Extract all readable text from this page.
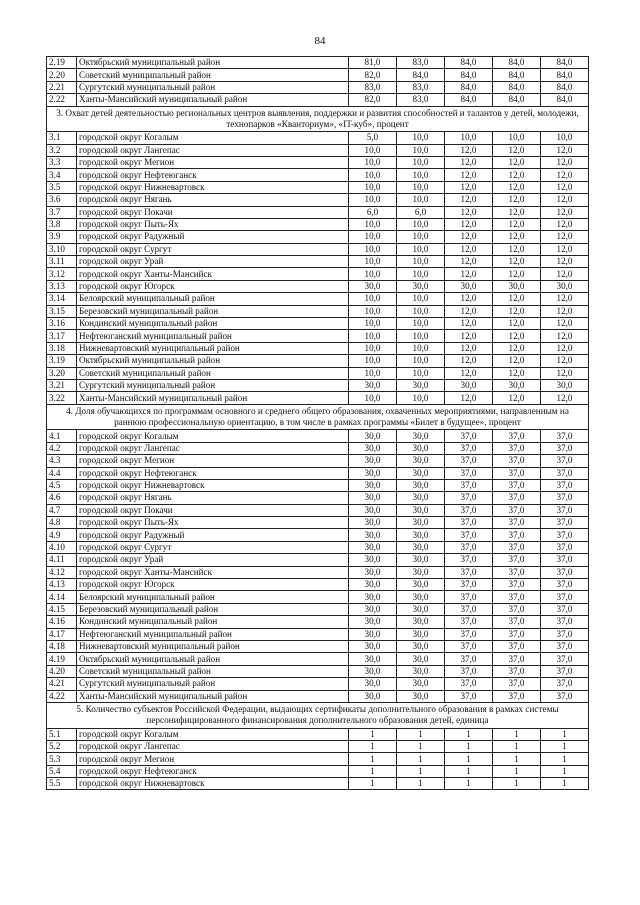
84
2.19	Октябрьский муниципальный район	81,0	83,0	84,0	84,0	84,0
2.20	Советский муниципальный район	82,0	84,0	84,0	84,0	84,0
2.21	Сургутский муниципальный район	83,0	83,0	84,0	84,0	84,0
2.22	Ханты-Мансийский муниципальный район	82,0	83,0	84,0	84,0	84,0
3. Охват детей деятельностью региональных центров выявления, поддержки и развития способностей и талантов у детей, молодежи, технопарков «Кванториум», «IT-куб», процент						
3.1	городской округ Когалым	5,0	10,0	10,0	10,0	10,0
3.2	городской округ Лангепас	10,0	10,0	12,0	12,0	12,0
3.3	городской округ Мегион	10,0	10,0	12,0	12,0	12,0
3.4	городской округ Нефтеюганск	10,0	10,0	12,0	12,0	12,0
3.5	городской округ Нижневартовск	10,0	10,0	12,0	12,0	12,0
3.6	городской округ Нягань	10,0	10,0	12,0	12,0	12,0
3.7	городской округ Покачи	6,0	6,0	12,0	12,0	12,0
3.8	городской округ Пыть-Ях	10,0	10,0	12,0	12,0	12,0
3.9	городской округ Радужный	10,0	10,0	12,0	12,0	12,0
3.10	городской округ Сургут	10,0	10,0	12,0	12,0	12,0
3.11	городской округ Урай	10,0	10,0	12,0	12,0	12,0
3.12	городской округ Ханты-Мансийск	10,0	10,0	12,0	12,0	12,0
3.13	городской округ Югорск	30,0	30,0	30,0	30,0	30,0
3.14	Белоярский муниципальный район	10,0	10,0	12,0	12,0	12,0
3.15	Березовский муниципальный район	10,0	10,0	12,0	12,0	12,0
3.16	Кондинский муниципальный район	10,0	10,0	12,0	12,0	12,0
3.17	Нефтеюганский муниципальный район	10,0	10,0	12,0	12,0	12,0
3.18	Нижневартовский муниципальный район	10,0	10,0	12,0	12,0	12,0
3.19	Октябрьский муниципальный район	10,0	10,0	12,0	12,0	12,0
3.20	Советский муниципальный район	10,0	10,0	12,0	12,0	12,0
3.21	Сургутский муниципальный район	30,0	30,0	30,0	30,0	30,0
3.22	Ханты-Мансийский муниципальный район	10,0	10,0	12,0	12,0	12,0
4. Доля обучающихся по программам основного и среднего общего образования, охваченных мероприятиями, направленным на раннюю профессиональную ориентацию, в том числе в рамках программы «Билет в будущее», процент						
4.1	городской округ Когалым	30,0	30,0	37,0	37,0	37,0
4.2	городской округ Лангепас	30,0	30,0	37,0	37,0	37,0
4.3	городской округ Мегион	30,0	30,0	37,0	37,0	37,0
4.4	городской округ Нефтеюганск	30,0	30,0	37,0	37,0	37,0
4.5	городской округ Нижневартовск	30,0	30,0	37,0	37,0	37,0
4.6	городской округ Нягань	30,0	30,0	37,0	37,0	37,0
4.7	городской округ Покачи	30,0	30,0	37,0	37,0	37,0
4.8	городской округ Пыть-Ях	30,0	30,0	37,0	37,0	37,0
4.9	городской округ Радужный	30,0	30,0	37,0	37,0	37,0
4.10	городской округ Сургут	30,0	30,0	37,0	37,0	37,0
4.11	городской округ Урай	30,0	30,0	37,0	37,0	37,0
4.12	городской округ Ханты-Мансийск	30,0	30,0	37,0	37,0	37,0
4.13	городской округ Югорск	30,0	30,0	37,0	37,0	37,0
4.14	Белоярский муниципальный район	30,0	30,0	37,0	37,0	37,0
4.15	Березовский муниципальный район	30,0	30,0	37,0	37,0	37,0
4.16	Кондинский муниципальный район	30,0	30,0	37,0	37,0	37,0
4.17	Нефтеюганский муниципальный район	30,0	30,0	37,0	37,0	37,0
4.18	Нижневартовский муниципальный район	30,0	30,0	37,0	37,0	37,0
4.19	Октябрьский муниципальный район	30,0	30,0	37,0	37,0	37,0
4.20	Советский муниципальный район	30,0	30,0	37,0	37,0	37,0
4.21	Сургутский муниципальный район	30,0	30,0	37,0	37,0	37,0
4.22	Ханты-Мансийский муниципальный район	30,0	30,0	37,0	37,0	37,0
5. Количество субъектов Российской Федерации, выдающих сертификаты дополнительного образования в рамках системы персонифицированного финансирования дополнительного образования детей, единица						
5.1	городской округ Когалым	1	1	1	1	1
5.2	городской округ Лангепас	1	1	1	1	1
5.3	городской округ Мегион	1	1	1	1	1
5.4	городской округ Нефтеюганск	1	1	1	1	1
5.5	городской округ Нижневартовск	1	1	1	1	1
